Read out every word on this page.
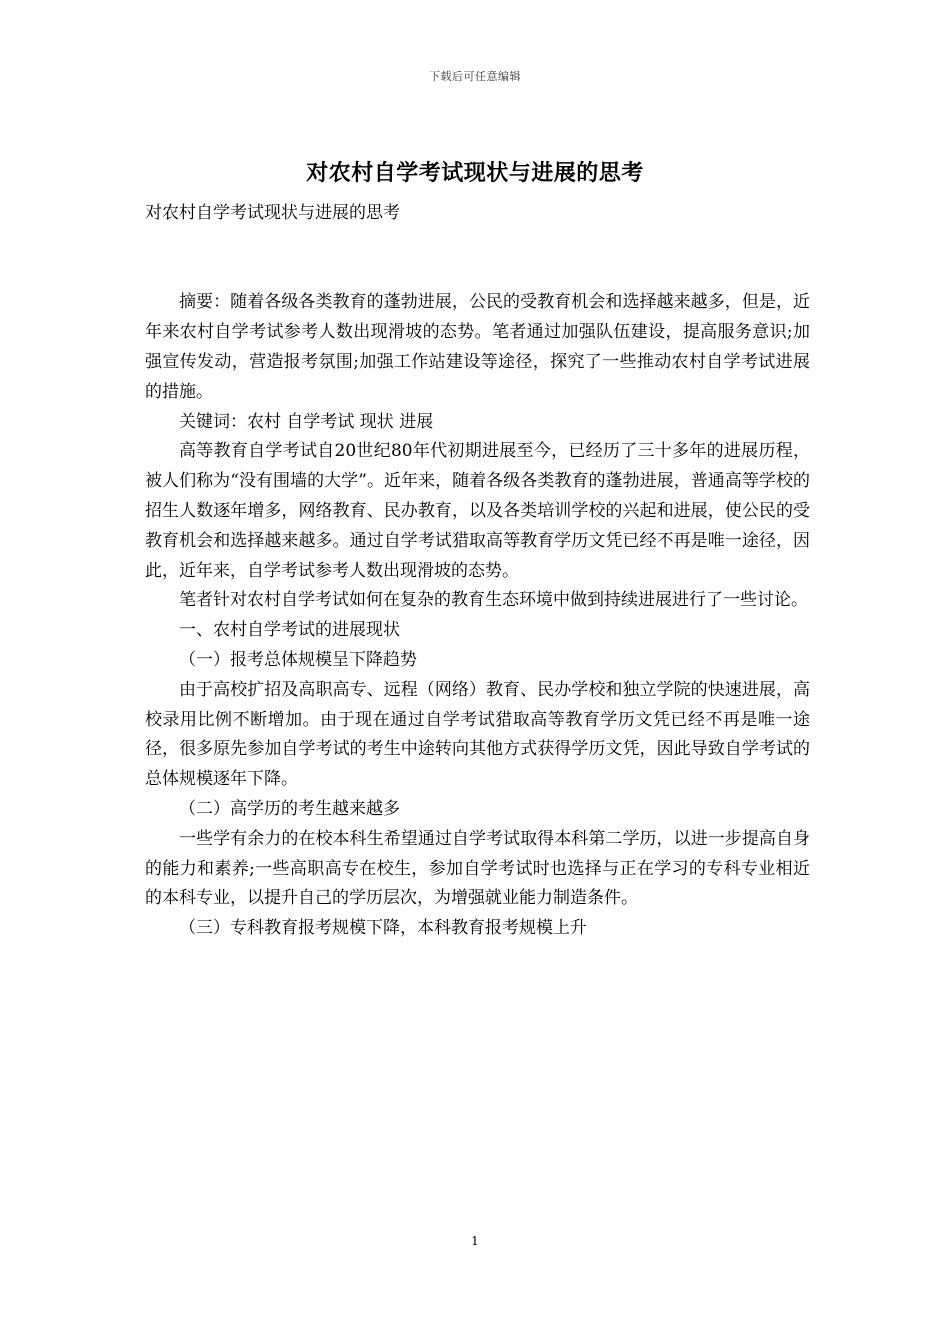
下载后可任意编辑
对农村自学考试现状与进展的思考

对农村自学考试现状与进展的思考

摘要：随着各级各类教育的蓬勃进展，公民的受教育机会和选择越来越多，但是，近年来农村自学考试参考人数出现滑坡的态势。笔者通过加强队伍建设，提高服务意识;加强宣传发动，营造报考氛围;加强工作站建设等途径，探究了一些推动农村自学考试进展的措施。

关键词：农村 自学考试 现状 进展

高等教育自学考试自20世纪80年代初期进展至今，已经历了三十多年的进展历程，被人们称为“没有围墙的大学”。近年来，随着各级各类教育的蓬勃进展，普通高等学校的招生人数逐年增多，网络教育、民办教育，以及各类培训学校的兴起和进展，使公民的受教育机会和选择越来越多。通过自学考试猎取高等教育学历文凭已经不再是唯一途径，因此，近年来，自学考试参考人数出现滑坡的态势。

笔者针对农村自学考试如何在复杂的教育生态环境中做到持续进展进行了一些讨论。

一、农村自学考试的进展现状

（一）报考总体规模呈下降趋势

由于高校扩招及高职高专、远程（网络）教育、民办学校和独立学院的快速进展，高校录用比例不断增加。由于现在通过自学考试猎取高等教育学历文凭已经不再是唯一途径，很多原先参加自学考试的考生中途转向其他方式获得学历文凭，因此导致自学考试的总体规模逐年下降。

（二）高学历的考生越来越多

一些学有余力的在校本科生希望通过自学考试取得本科第二学历，以进一步提高自身的能力和素养;一些高职高专在校生，参加自学考试时也选择与正在学习的专科专业相近的本科专业，以提升自己的学历层次，为增强就业能力制造条件。

（三）专科教育报考规模下降，本科教育报考规模上升

1
